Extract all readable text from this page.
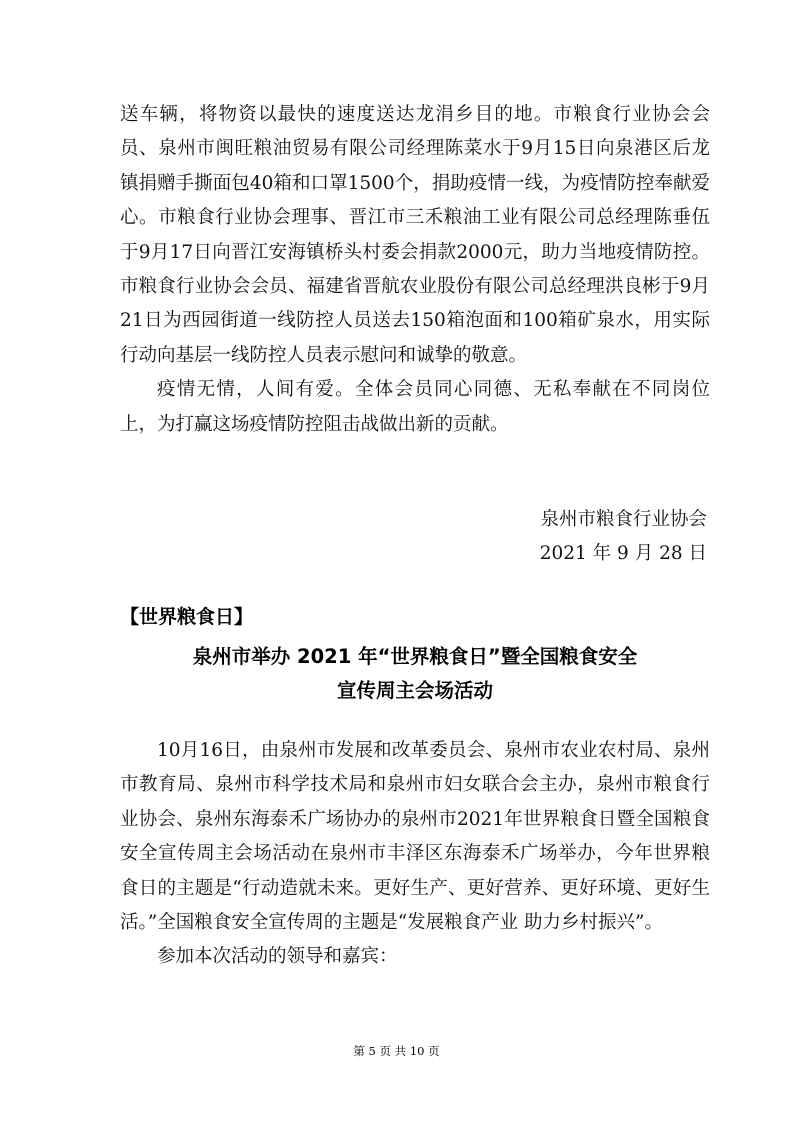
送车辆，将物资以最快的速度送达龙涓乡目的地。市粮食行业协会会员、泉州市闽旺粮油贸易有限公司经理陈菜水于9月15日向泉港区后龙镇捐赠手撕面包40箱和口罩1500个，捐助疫情一线，为疫情防控奉献爱心。市粮食行业协会理事、晋江市三禾粮油工业有限公司总经理陈垂伍于9月17日向晋江安海镇桥头村委会捐款2000元，助力当地疫情防控。市粮食行业协会会员、福建省晋航农业股份有限公司总经理洪良彬于9月21日为西园街道一线防控人员送去150箱泡面和100箱矿泉水，用实际行动向基层一线防控人员表示慰问和诚挚的敬意。

疫情无情，人间有爱。全体会员同心同德、无私奉献在不同岗位上，为打赢这场疫情防控阻击战做出新的贡献。

泉州市粮食行业协会
2021 年 9 月 28 日
【世界粮食日】
泉州市举办 2021 年“世界粮食日”暨全国粮食安全
宣传周主会场活动

10月16日，由泉州市发展和改革委员会、泉州市农业农村局、泉州市教育局、泉州市科学技术局和泉州市妇女联合会主办，泉州市粮食行业协会、泉州东海泰禾广场协办的泉州市2021年世界粮食日暨全国粮食安全宣传周主会场活动在泉州市丰泽区东海泰禾广场举办，今年世界粮食日的主题是“行动造就未来。更好生产、更好营养、更好环境、更好生活。”全国粮食安全宣传周的主题是“发展粮食产业 助力乡村振兴”。

参加本次活动的领导和嘉宾：

第 5 页 共 10 页
